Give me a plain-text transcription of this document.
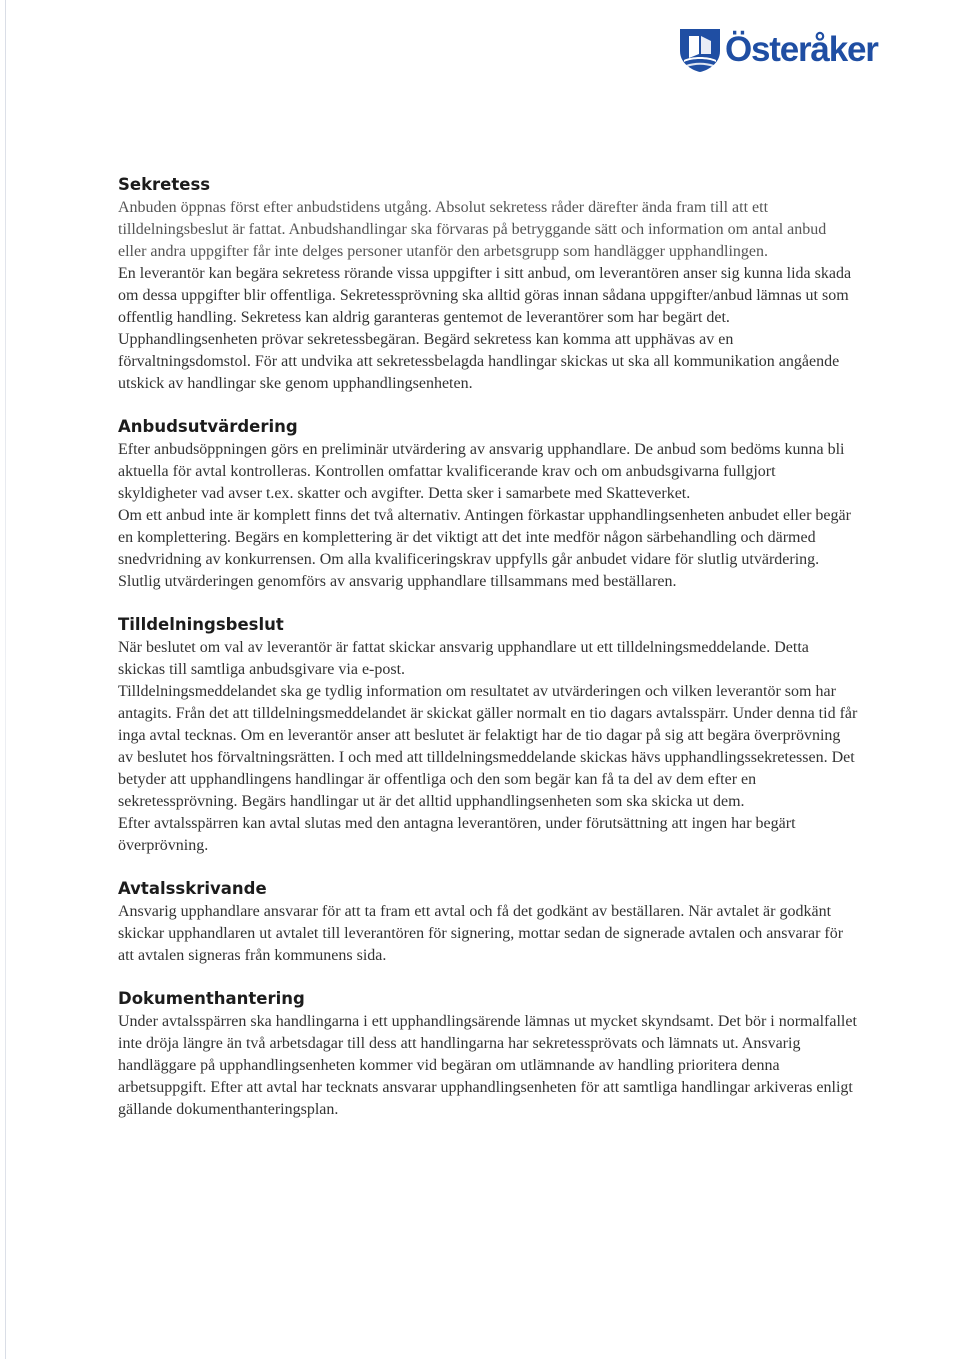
Österåker
Sekretess

Anbuden öppnas först efter anbudstidens utgång. Absolut sekretess råder därefter ända fram till att ett tilldelningsbeslut är fattat. Anbudshandlingar ska förvaras på betryggande sätt och information om antal anbud eller andra uppgifter får inte delges personer utanför den arbetsgrupp som handlägger upphandlingen.

En leverantör kan begära sekretess rörande vissa uppgifter i sitt anbud, om leverantören anser sig kunna lida skada om dessa uppgifter blir offentliga. Sekretessprövning ska alltid göras innan sådana uppgifter/anbud lämnas ut som offentlig handling. Sekretess kan aldrig garanteras gentemot de leverantörer som har begärt det. Upphandlingsenheten prövar sekretessbegäran. Begärd sekretess kan komma att upphävas av en förvaltningsdomstol. För att undvika att sekretessbelagda handlingar skickas ut ska all kommunikation angående utskick av handlingar ske genom upphandlingsenheten.

Anbudsutvärdering

Efter anbudsöppningen görs en preliminär utvärdering av ansvarig upphandlare. De anbud som bedöms kunna bli aktuella för avtal kontrolleras. Kontrollen omfattar kvalificerande krav och om anbudsgivarna fullgjort skyldigheter vad avser t.ex. skatter och avgifter. Detta sker i samarbete med Skatteverket.

Om ett anbud inte är komplett finns det två alternativ. Antingen förkastar upphandlingsenheten anbudet eller begär en komplettering. Begärs en komplettering är det viktigt att det inte medför någon särbehandling och därmed snedvridning av konkurrensen. Om alla kvalificeringskrav uppfylls går anbudet vidare för slutlig utvärdering.

Slutlig utvärderingen genomförs av ansvarig upphandlare tillsammans med beställaren.

Tilldelningsbeslut

När beslutet om val av leverantör är fattat skickar ansvarig upphandlare ut ett tilldelningsmeddelande. Detta skickas till samtliga anbudsgivare via e-post.

Tilldelningsmeddelandet ska ge tydlig information om resultatet av utvärderingen och vilken leverantör som har antagits. Från det att tilldelningsmeddelandet är skickat gäller normalt en tio dagars avtalsspärr. Under denna tid får inga avtal tecknas. Om en leverantör anser att beslutet är felaktigt har de tio dagar på sig att begära överprövning av beslutet hos förvaltningsrätten. I och med att tilldelningsmeddelande skickas hävs upphandlingssekretessen. Det betyder att upphandlingens handlingar är offentliga och den som begär kan få ta del av dem efter en sekretessprövning. Begärs handlingar ut är det alltid upphandlingsenheten som ska skicka ut dem.

Efter avtalsspärren kan avtal slutas med den antagna leverantören, under förutsättning att ingen har begärt överprövning.

Avtalsskrivande

Ansvarig upphandlare ansvarar för att ta fram ett avtal och få det godkänt av beställaren. När avtalet är godkänt skickar upphandlaren ut avtalet till leverantören för signering, mottar sedan de signerade avtalen och ansvarar för att avtalen signeras från kommunens sida.

Dokumenthantering

Under avtalsspärren ska handlingarna i ett upphandlingsärende lämnas ut mycket skyndsamt. Det bör i normalfallet inte dröja längre än två arbetsdagar till dess att handlingarna har sekretessprövats och lämnats ut. Ansvarig handläggare på upphandlingsenheten kommer vid begäran om utlämnande av handling prioritera denna arbetsuppgift. Efter att avtal har tecknats ansvarar upphandlingsenheten för att samtliga handlingar arkiveras enligt gällande dokumenthanteringsplan.
